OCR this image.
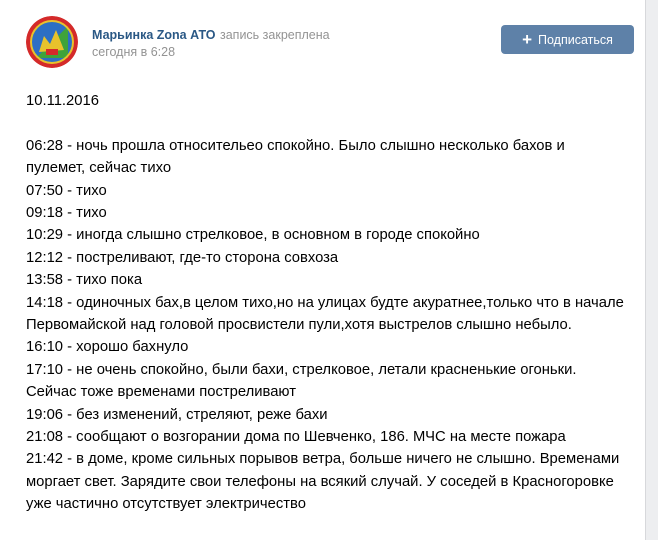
Марьинка Zona АТО запись закреплена
сегодня в 6:28
+ Подписаться
10.11.2016
06:28 - ночь прошла относительео спокойно. Было слышно несколько бахов и
пулемет, сейчас тихо
07:50 - тихо
09:18 - тихо
10:29 - иногда слышно стрелковое, в основном в городе спокойно
12:12 - постреливают, где-то сторона совхоза
13:58 - тихо пока
14:18 - одиночных бах,в целом тихо,но на улицах будте акуратнее,только что в начале
Первомайской над головой просвистели пули,хотя выстрелов слышно небыло.
16:10 - хорошо бахнуло
17:10 - не очень спокойно, были бахи, стрелковое, летали красненькие огоньки.
Сейчас тоже временами постреливают
19:06 - без изменений, стреляют, реже бахи
21:08 - сообщают о возгорании дома по Шевченко, 186. МЧС на месте пожара
21:42 - в доме, кроме сильных порывов ветра, больше ничего не слышно. Временами
моргает свет. Зарядите свои телефоны на всякий случай. У соседей в Красногоровке
уже частично отсутствует электричество
